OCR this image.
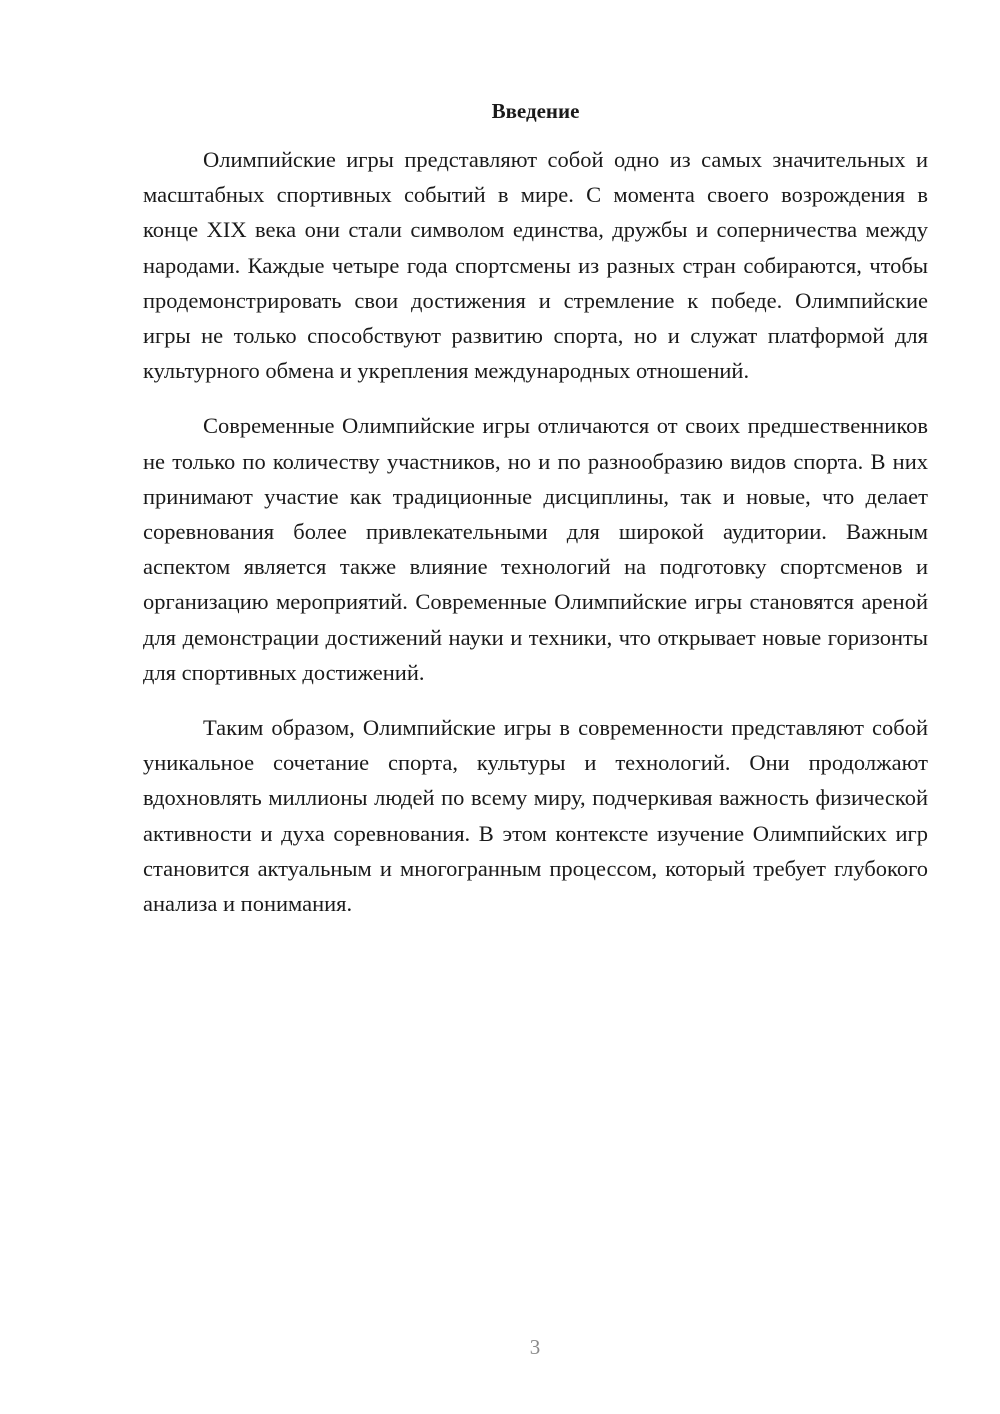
Введение

Олимпийские игры представляют собой одно из самых значительных и масштабных спортивных событий в мире. С момента своего возрождения в конце XIX века они стали символом единства, дружбы и соперничества между народами. Каждые четыре года спортсмены из разных стран собираются, чтобы продемонстрировать свои достижения и стремление к победе. Олимпийские игры не только способствуют развитию спорта, но и служат платформой для культурного обмена и укрепления международных отношений.

Современные Олимпийские игры отличаются от своих предшественников не только по количеству участников, но и по разнообразию видов спорта. В них принимают участие как традиционные дисциплины, так и новые, что делает соревнования более привлекательными для широкой аудитории. Важным аспектом является также влияние технологий на подготовку спортсменов и организацию мероприятий. Современные Олимпийские игры становятся ареной для демонстрации достижений науки и техники, что открывает новые горизонты для спортивных достижений.

Таким образом, Олимпийские игры в современности представляют собой уникальное сочетание спорта, культуры и технологий. Они продолжают вдохновлять миллионы людей по всему миру, подчеркивая важность физической активности и духа соревнования. В этом контексте изучение Олимпийских игр становится актуальным и многогранным процессом, который требует глубокого анализа и понимания.

3
